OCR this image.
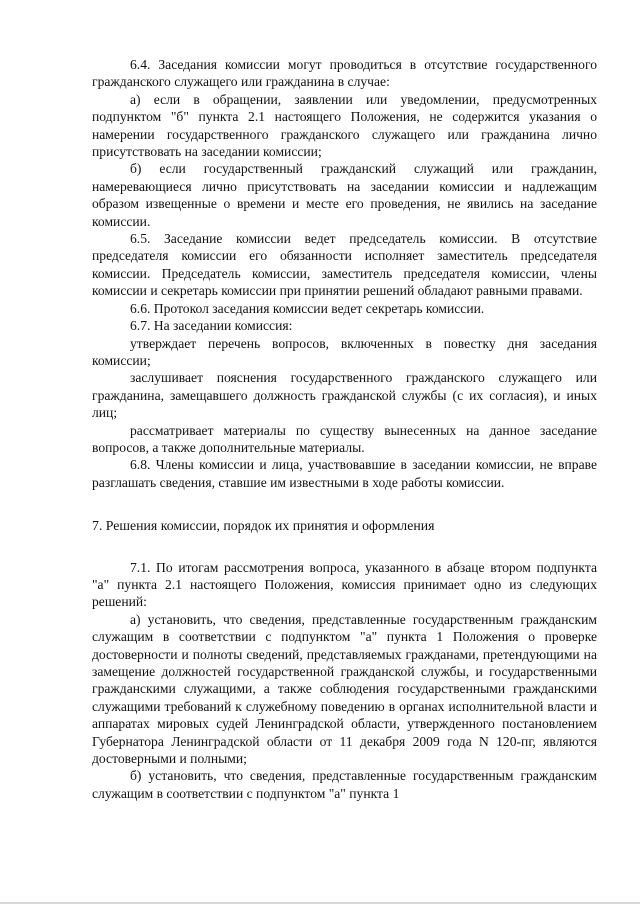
6.4. Заседания комиссии могут проводиться в отсутствие государственного гражданского служащего или гражданина в случае:

а) если в обращении, заявлении или уведомлении, предусмотренных подпунктом "б" пункта 2.1 настоящего Положения, не содержится указания о намерении государственного гражданского служащего или гражданина лично присутствовать на заседании комиссии;

б) если государственный гражданский служащий или гражданин, намеревающиеся лично присутствовать на заседании комиссии и надлежащим образом извещенные о времени и месте его проведения, не явились на заседание комиссии.

6.5. Заседание комиссии ведет председатель комиссии. В отсутствие председателя комиссии его обязанности исполняет заместитель председателя комиссии. Председатель комиссии, заместитель председателя комиссии, члены комиссии и секретарь комиссии при принятии решений обладают равными правами.

6.6. Протокол заседания комиссии ведет секретарь комиссии.

6.7. На заседании комиссия:

утверждает перечень вопросов, включенных в повестку дня заседания комиссии;

заслушивает пояснения государственного гражданского служащего или гражданина, замещавшего должность гражданской службы (с их согласия), и иных лиц;

рассматривает материалы по существу вынесенных на данное заседание вопросов, а также дополнительные материалы.

6.8. Члены комиссии и лица, участвовавшие в заседании комиссии, не вправе разглашать сведения, ставшие им известными в ходе работы комиссии.

7. Решения комиссии, порядок их принятия и оформления

7.1. По итогам рассмотрения вопроса, указанного в абзаце втором подпункта "а" пункта 2.1 настоящего Положения, комиссия принимает одно из следующих решений:

а) установить, что сведения, представленные государственным гражданским служащим в соответствии с подпунктом "а" пункта 1 Положения о проверке достоверности и полноты сведений, представляемых гражданами, претендующими на замещение должностей государственной гражданской службы, и государственными гражданскими служащими, а также соблюдения государственными гражданскими служащими требований к служебному поведению в органах исполнительной власти и аппаратах мировых судей Ленинградской области, утвержденного постановлением Губернатора Ленинградской области от 11 декабря 2009 года N 120-пг, являются достоверными и полными;

б) установить, что сведения, представленные государственным гражданским служащим в соответствии с подпунктом "а" пункта 1
